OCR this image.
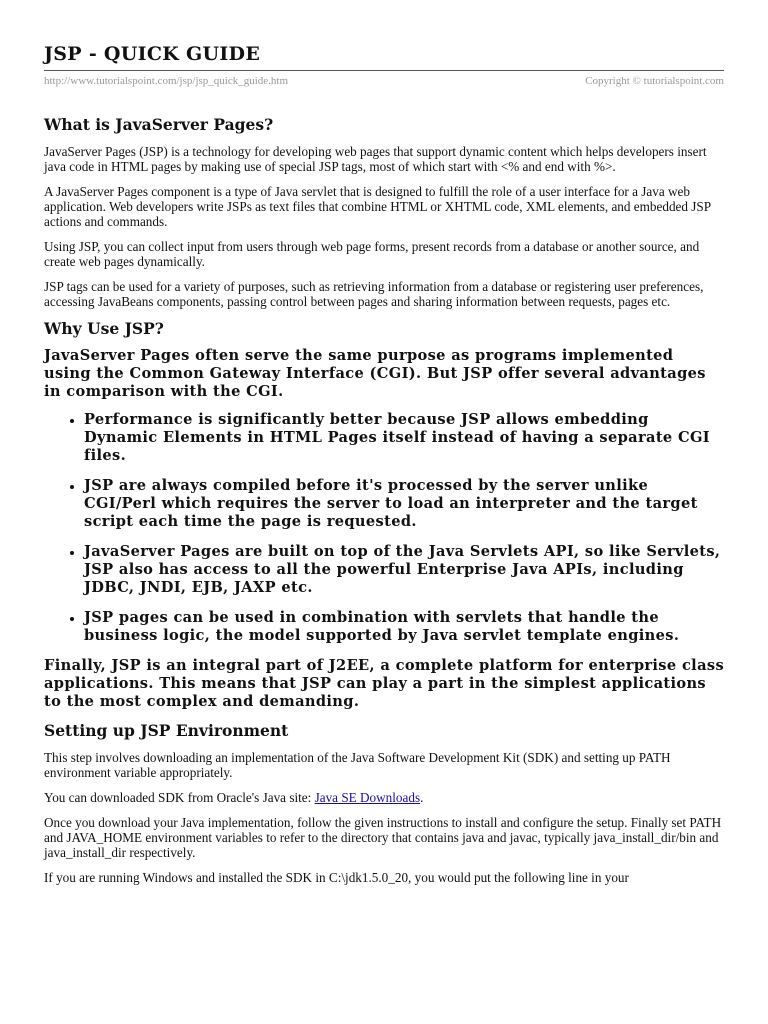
JSP - QUICK GUIDE
http://www.tutorialspoint.com/jsp/jsp_quick_guide.htm	Copyright © tutorialspoint.com
What is JavaServer Pages?

JavaServer Pages (JSP) is a technology for developing web pages that support dynamic content which helps developers insert java code in HTML pages by making use of special JSP tags, most of which start with <% and end with %>.

A JavaServer Pages component is a type of Java servlet that is designed to fulfill the role of a user interface for a Java web application. Web developers write JSPs as text files that combine HTML or XHTML code, XML elements, and embedded JSP actions and commands.

Using JSP, you can collect input from users through web page forms, present records from a database or another source, and create web pages dynamically.

JSP tags can be used for a variety of purposes, such as retrieving information from a database or registering user preferences, accessing JavaBeans components, passing control between pages and sharing information between requests, pages etc.

Why Use JSP?

JavaServer Pages often serve the same purpose as programs implemented using the Common Gateway Interface (CGI). But JSP offer several advantages in comparison with the CGI.

• Performance is significantly better because JSP allows embedding Dynamic Elements in HTML Pages itself instead of having a separate CGI files.
• JSP are always compiled before it's processed by the server unlike CGI/Perl which requires the server to load an interpreter and the target script each time the page is requested.
• JavaServer Pages are built on top of the Java Servlets API, so like Servlets, JSP also has access to all the powerful Enterprise Java APIs, including JDBC, JNDI, EJB, JAXP etc.
• JSP pages can be used in combination with servlets that handle the business logic, the model supported by Java servlet template engines.

Finally, JSP is an integral part of J2EE, a complete platform for enterprise class applications. This means that JSP can play a part in the simplest applications to the most complex and demanding.

Setting up JSP Environment

This step involves downloading an implementation of the Java Software Development Kit (SDK) and setting up PATH environment variable appropriately.

You can downloaded SDK from Oracle's Java site: Java SE Downloads.

Once you download your Java implementation, follow the given instructions to install and configure the setup. Finally set PATH and JAVA_HOME environment variables to refer to the directory that contains java and javac, typically java_install_dir/bin and java_install_dir respectively.

If you are running Windows and installed the SDK in C:\jdk1.5.0_20, you would put the following line in your
